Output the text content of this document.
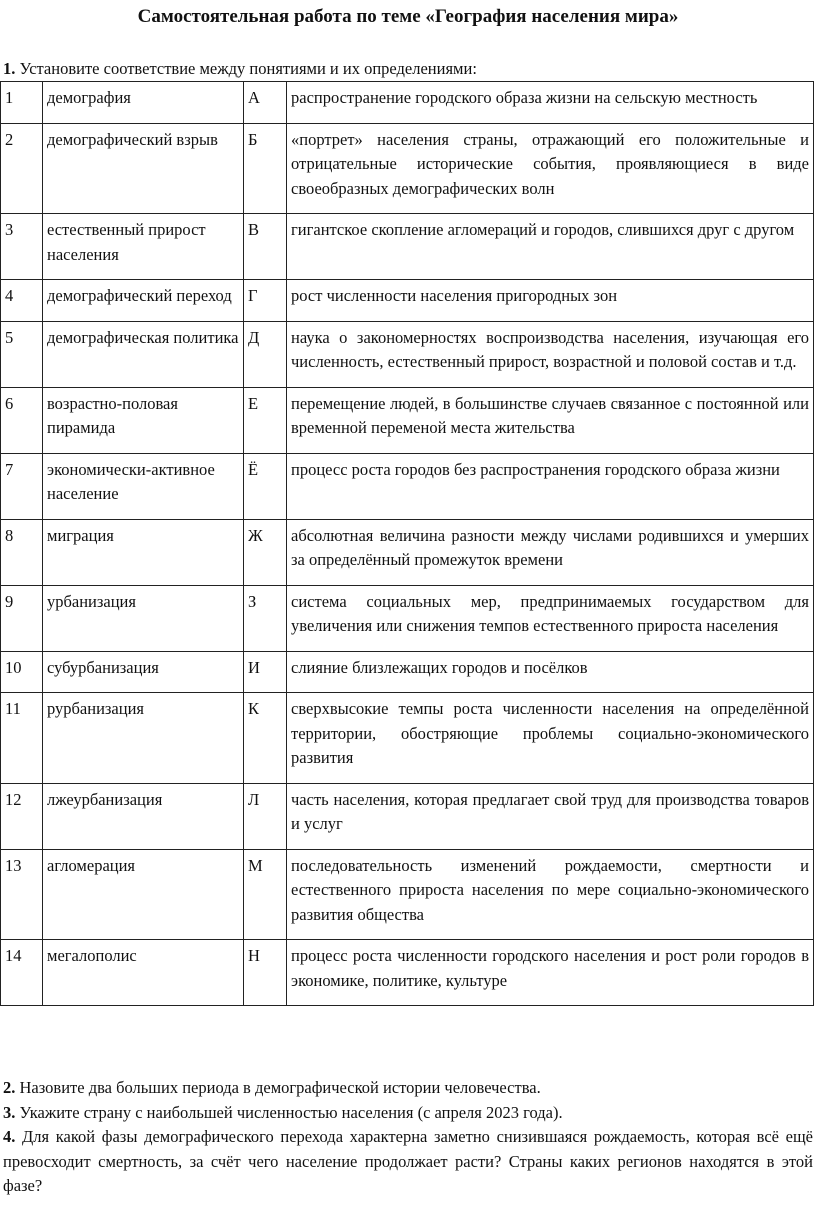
Самостоятельная работа по теме «География населения мира»
1. Установите соответствие между понятиями и их определениями:
1	демография	А	распространение городского образа жизни на сельскую местность
2	демографический взрыв	Б	«портрет» населения страны, отражающий его положительные и отрицательные исторические события, проявляющиеся в виде своеобразных демографических волн
3	естественный прирост населения	В	гигантское скопление агломераций и городов, слившихся друг с другом
4	демографический переход	Г	рост численности населения пригородных зон
5	демографическая политика	Д	наука о закономерностях воспроизводства населения, изучающая его численность, естественный прирост, возрастной и половой состав и т.д.
6	возрастно-половая пирамида	Е	перемещение людей, в большинстве случаев связанное с постоянной или временной переменой места жительства
7	экономически-активное население	Ё	процесс роста городов без распространения городского образа жизни
8	миграция	Ж	абсолютная величина разности между числами родившихся и умерших за определённый промежуток времени
9	урбанизация	З	система социальных мер, предпринимаемых государством для увеличения или снижения темпов естественного прироста населения
10	субурбанизация	И	слияние близлежащих городов и посёлков
11	рурбанизация	К	сверхвысокие темпы роста численности населения на определённой территории, обостряющие проблемы социально-экономического развития
12	лжеурбанизация	Л	часть населения, которая предлагает свой труд для производства товаров и услуг
13	агломерация	М	последовательность изменений рождаемости, смертности и естественного прироста населения по мере социально-экономического развития общества
14	мегалополис	Н	процесс роста численности городского населения и рост роли городов в экономике, политике, культуре

2. Назовите два больших периода в демографической истории человечества.

3. Укажите страну с наибольшей численностью населения (с апреля 2023 года).

4. Для какой фазы демографического перехода характерна заметно снизившаяся рождаемость, которая всё ещё превосходит смертность, за счёт чего население продолжает расти? Страны каких регионов находятся в этой фазе?
